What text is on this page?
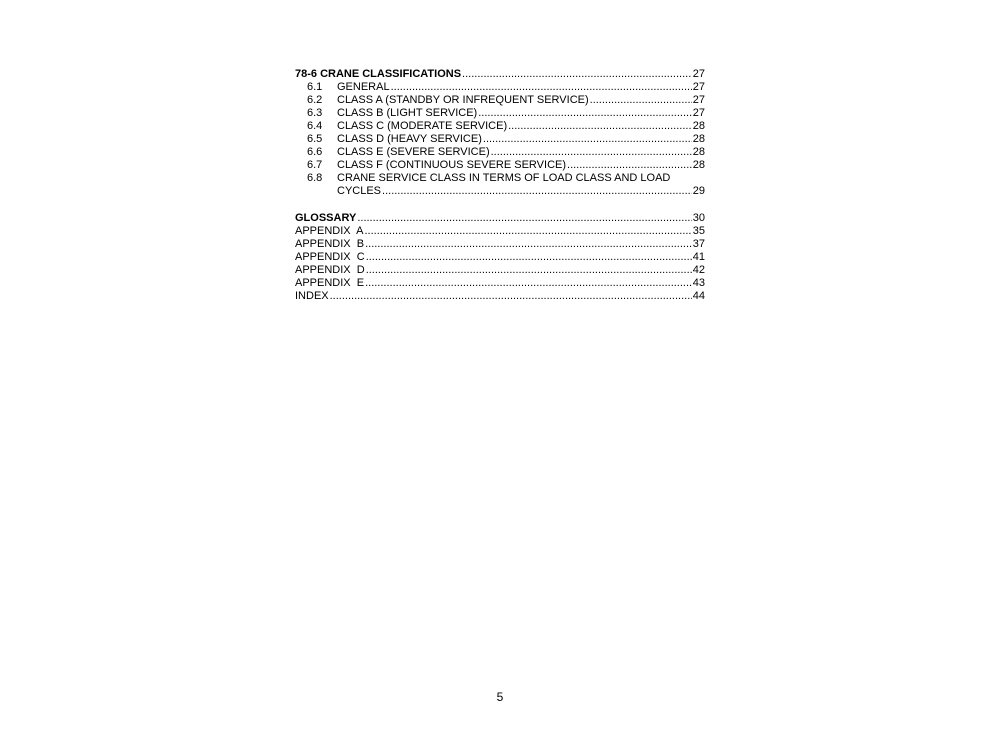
78-6 CRANE CLASSIFICATIONS .....	27
6.1	GENERAL .....	27
6.2	CLASS A (STANDBY OR INFREQUENT SERVICE) .....	27
6.3	CLASS B (LIGHT SERVICE) .....	27
6.4	CLASS C (MODERATE SERVICE) .....	28
6.5	CLASS D (HEAVY SERVICE) .....	28
6.6	CLASS E (SEVERE SERVICE) .....	28
6.7	CLASS F (CONTINUOUS SEVERE SERVICE) .....	28
6.8	CRANE SERVICE CLASS IN TERMS OF LOAD CLASS AND LOAD
CYCLES .....	29
GLOSSARY .....	30
APPENDIX  A .....	35
APPENDIX  B .....	37
APPENDIX  C .....	41
APPENDIX  D .....	42
APPENDIX  E .....	43
INDEX .....	44
5
